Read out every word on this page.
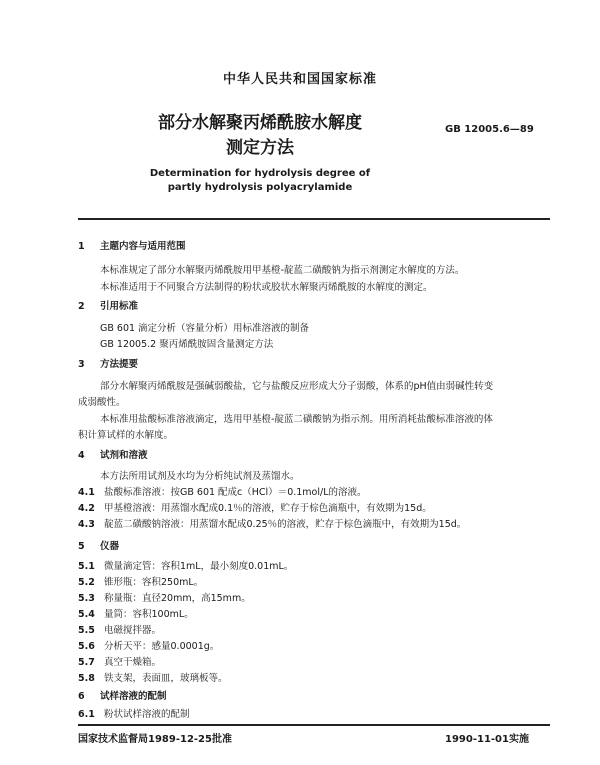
中华人民共和国国家标准
部分水解聚丙烯酰胺水解度
测定方法
GB 12005.6—89
Determination for hydrolysis degree of
partly hydrolysis polyacrylamide
1 主题内容与适用范围
本标准规定了部分水解聚丙烯酰胺用甲基橙-靛蓝二磺酸钠为指示剂测定水解度的方法。
本标准适用于不同聚合方法制得的粉状或胶状水解聚丙烯酰胺的水解度的测定。
2 引用标准
GB 601 滴定分析（容量分析）用标准溶液的制备
GB 12005.2 聚丙烯酰胺固含量测定方法
3 方法提要
部分水解聚丙烯酰胺是强碱弱酸盐，它与盐酸反应形成大分子弱酸，体系的pH值由弱碱性转变
成弱酸性。
本标准用盐酸标准溶液滴定，选用甲基橙-靛蓝二磺酸钠为指示剂。用所消耗盐酸标准溶液的体
积计算试样的水解度。
4 试剂和溶液
本方法所用试剂及水均为分析纯试剂及蒸馏水。
4.1 盐酸标准溶液：按GB 601 配成c（HCl）＝0.1mol/L的溶液。
4.2 甲基橙溶液：用蒸馏水配成0.1％的溶液，贮存于棕色滴瓶中，有效期为15d。
4.3 靛蓝二磺酸钠溶液：用蒸馏水配成0.25％的溶液，贮存于棕色滴瓶中，有效期为15d。
5 仪器
5.1 微量滴定管：容积1mL，最小刻度0.01mL。
5.2 锥形瓶：容积250mL。
5.3 称量瓶：直径20mm，高15mm。
5.4 量筒：容积100mL。
5.5 电磁搅拌器。
5.6 分析天平：感量0.0001g。
5.7 真空干燥箱。
5.8 铁支架，表面皿，玻璃板等。
6 试样溶液的配制
6.1 粉状试样溶液的配制
国家技术监督局1989-12-25批准	1990-11-01实施
